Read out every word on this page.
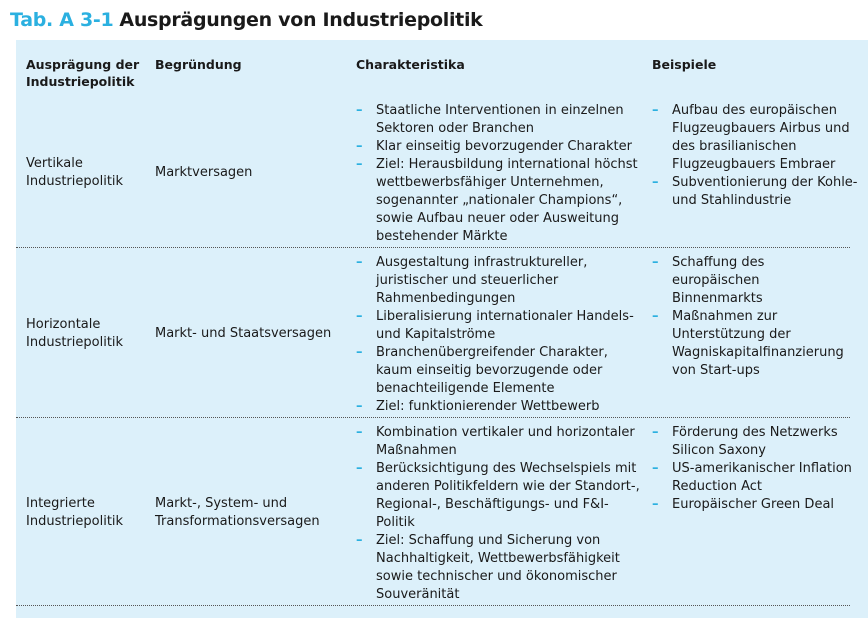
Tab. A 3-1 Ausprägungen von Industriepolitik
Ausprägung der Industriepolitik
Begründung	Charakteristika	Beispiele
Vertikale Industriepolitik
Marktversagen
– Staatliche Interventionen in einzelnen Sektoren oder Branchen
– Klar einseitig bevorzugender Charakter
– Ziel: Herausbildung international höchst wettbewerbsfähiger Unternehmen, sogenannter „nationaler Champions“, sowie Aufbau neuer oder Ausweitung bestehender Märkte
– Aufbau des europäischen Flugzeugbauers Airbus und des brasilianischen Flugzeugbauers Embraer
– Subventionierung der Kohle- und Stahlindustrie
Horizontale Industriepolitik
Markt- und Staatsversagen
– Ausgestaltung infrastruktureller, juristischer und steuerlicher Rahmenbedingungen
– Liberalisierung internationaler Handels- und Kapitalströme
– Branchenübergreifender Charakter, kaum einseitig bevorzugende oder benachteiligende Elemente
– Ziel: funktionierender Wettbewerb
– Schaffung des europäischen Binnenmarkts
– Maßnahmen zur Unterstützung der Wagniskapitalfinanzierung von Start-ups
Integrierte Industriepolitik
Markt-, System- und Transformationsversagen
– Kombination vertikaler und horizontaler Maßnahmen
– Berücksichtigung des Wechselspiels mit anderen Politikfeldern wie der Standort-, Regional-, Beschäftigungs- und F&I-Politik
– Ziel: Schaffung und Sicherung von Nachhaltigkeit, Wettbewerbsfähigkeit sowie technischer und ökonomischer Souveränität
– Förderung des Netzwerks Silicon Saxony
– US-amerikanischer Inflation Reduction Act
– Europäischer Green Deal
